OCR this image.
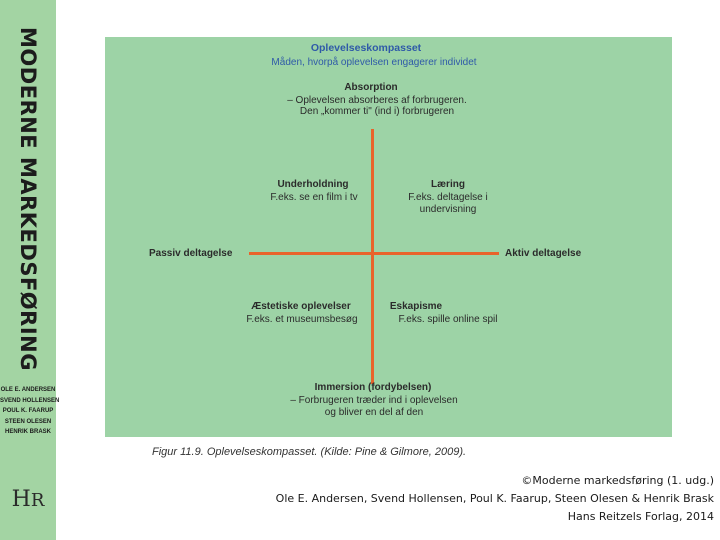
MODERNE MARKEDSFØRING
OLE E. ANDERSEN
SVEND HOLLENSEN
POUL K. FAARUP
STEEN OLESEN
HENRIK BRASK
HR
Oplevelseskompasset
Måden, hvorpå oplevelsen engagerer individet
Absorption
– Oplevelsen absorberes af forbrugeren.
Den „kommer ti" (ind i) forbrugeren
Underholdning
F.eks. se en film i tv
Læring
F.eks. deltagelse i
undervisning
Passiv deltagelse	Aktiv deltagelse
Æstetiske oplevelser
F.eks. et museumsbesøg
Eskapisme
F.eks. spille online spil
Immersion (fordybelsen)
– Forbrugeren træder ind i oplevelsen
og bliver en del af den
Figur 11.9. Oplevelseskompasset. (Kilde: Pine & Gilmore, 2009).
©Moderne markedsføring (1. udg.)
Ole E. Andersen, Svend Hollensen, Poul K. Faarup, Steen Olesen & Henrik Brask
Hans Reitzels Forlag, 2014
